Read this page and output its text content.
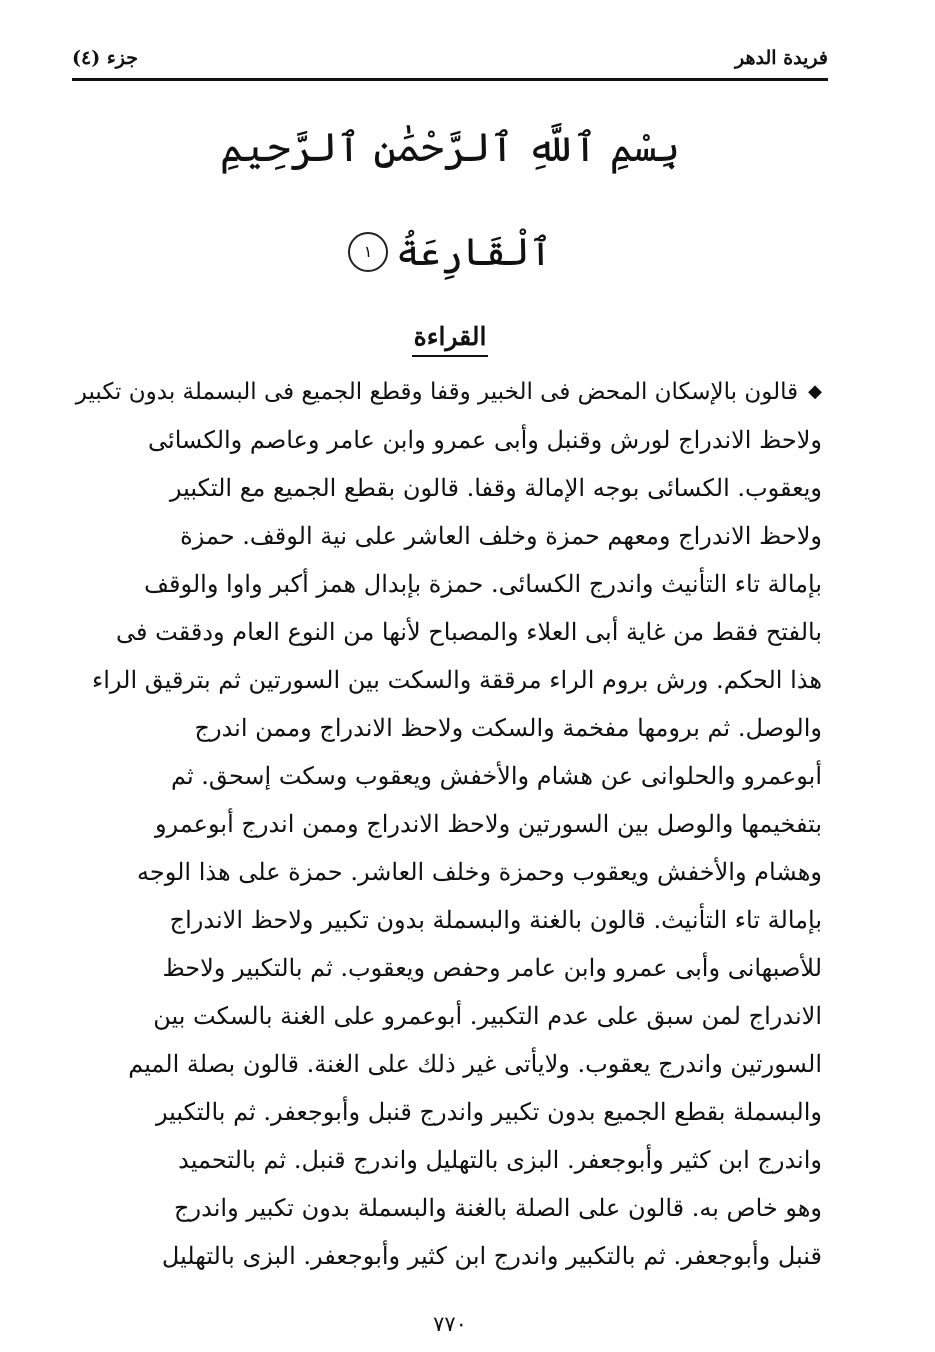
فريدة الدهر
جزء (٤)
بِسْمِ ٱللَّهِ ٱلرَّحْمَٰنِ ٱلرَّحِيمِ
ٱلْقَارِعَةُ
١
القراءة
◆
قالون بالإسكان المحض فى الخبير وقفا وقطع الجميع فى البسملة بدون تكبير
ولاحظ الاندراج لورش وقنبل وأبى عمرو وابن عامر وعاصم والكسائى
ويعقوب. الكسائى بوجه الإمالة وقفا. قالون بقطع الجميع مع التكبير
ولاحظ الاندراج ومعهم حمزة وخلف العاشر على نية الوقف. حمزة
بإمالة تاء التأنيث واندرج الكسائى. حمزة بإبدال همز أكبر واوا والوقف
بالفتح فقط من غاية أبى العلاء والمصباح لأنها من النوع العام ودققت فى
هذا الحكم. ورش بروم الراء مرققة والسكت بين السورتين ثم بترقيق الراء
والوصل. ثم برومها مفخمة والسكت ولاحظ الاندراج وممن اندرج
أبوعمرو والحلوانى عن هشام والأخفش ويعقوب وسكت إسحق. ثم
بتفخيمها والوصل بين السورتين ولاحظ الاندراج وممن اندرج أبوعمرو
وهشام والأخفش ويعقوب وحمزة وخلف العاشر. حمزة على هذا الوجه
بإمالة تاء التأنيث. قالون بالغنة والبسملة بدون تكبير ولاحظ الاندراج
للأصبهانى وأبى عمرو وابن عامر وحفص ويعقوب. ثم بالتكبير ولاحظ
الاندراج لمن سبق على عدم التكبير. أبوعمرو على الغنة بالسكت بين
السورتين واندرج يعقوب. ولايأتى غير ذلك على الغنة. قالون بصلة الميم
والبسملة بقطع الجميع بدون تكبير واندرج قنبل وأبوجعفر. ثم بالتكبير
واندرج ابن كثير وأبوجعفر. البزى بالتهليل واندرج قنبل. ثم بالتحميد
وهو خاص به. قالون على الصلة بالغنة والبسملة بدون تكبير واندرج
قنبل وأبوجعفر. ثم بالتكبير واندرج ابن كثير وأبوجعفر. البزى بالتهليل
٧٧٠
